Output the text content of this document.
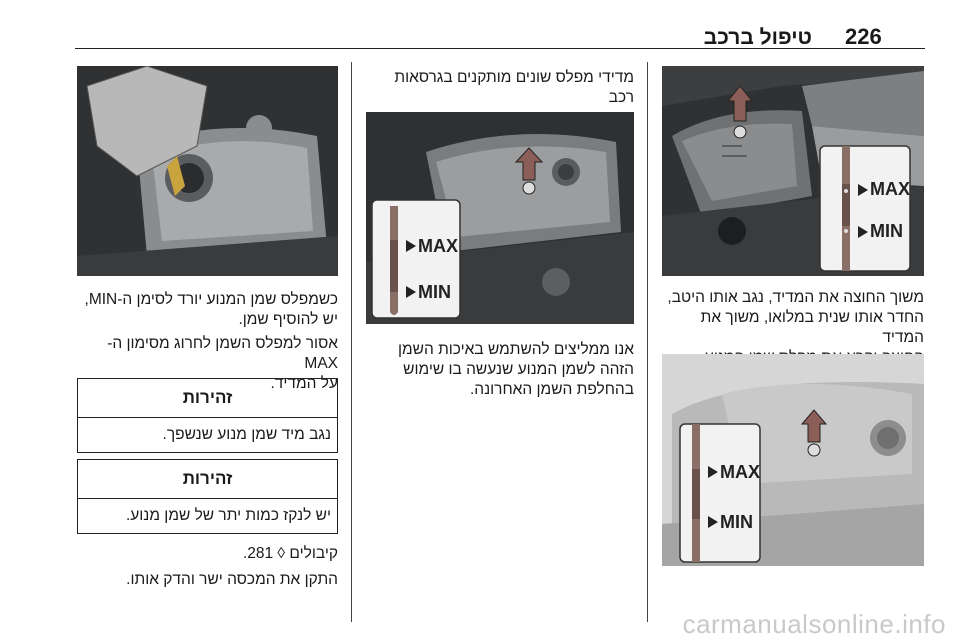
226
טיפול ברכב
MAX
MIN
משוך החוצה את המדיד, נגב אותו היטב,
החדר אותו שנית במלואו, משוך את המדיד
MAX
MIN
מדידי מפלס שונים מותקנים בגרסאות רכב
MAX
MIN
אנו ממליצים להשתמש באיכות השמן
הזהה לשמן המנוע שנעשה בו שימוש
בהחלפת השמן האחרונה.
כשמפלס שמן המנוע יורד לסימן ה-MIN,
יש להוסיף שמן.
אסור למפלס השמן לחרוג מסימון ה-MAX
על המדיד.
זהירות
נגב מיד שמן מנוע שנשפך.
זהירות
יש לנקז כמות יתר של שמן מנוע.
קיבולים ◊ 281.
התקן את המכסה ישר והדק אותו.
carmanualsonline.info
